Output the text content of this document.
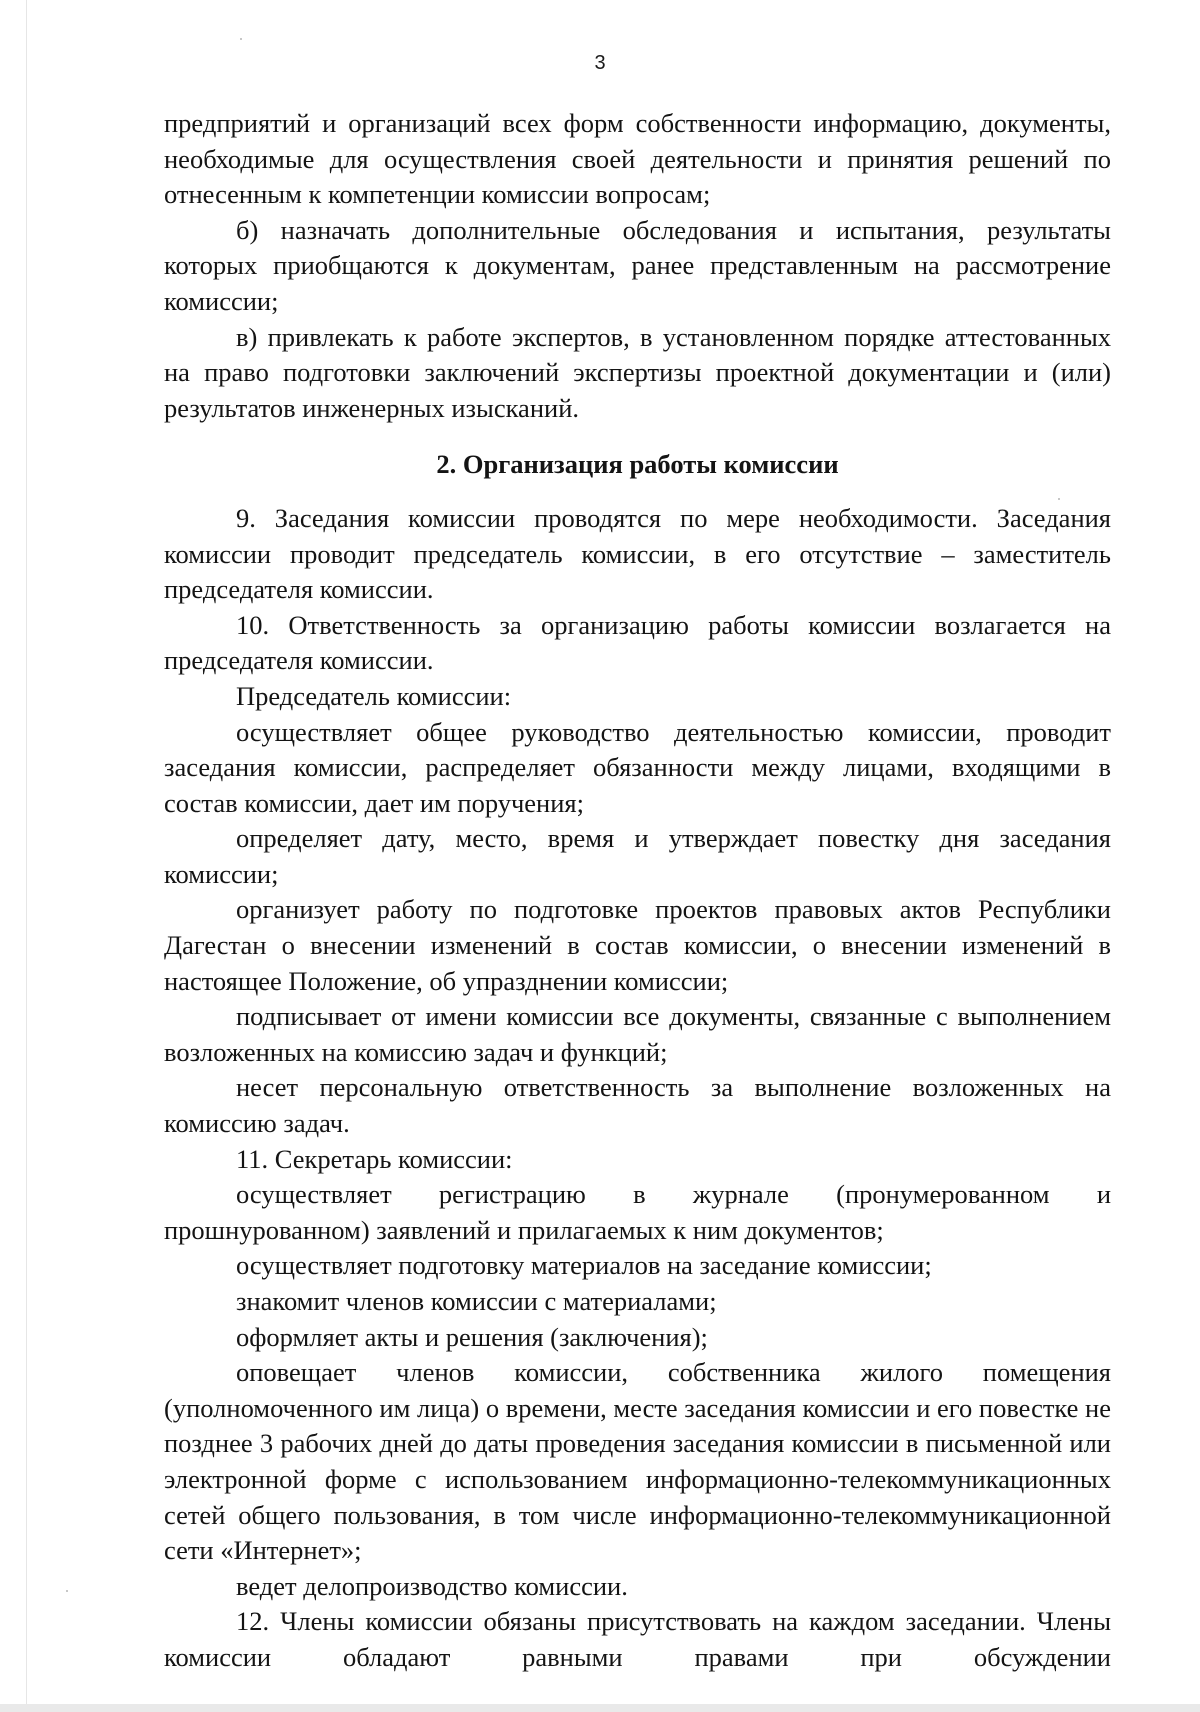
3

предприятий и организаций всех форм собственности информацию, документы, необходимые для осуществления своей деятельности и принятия решений по отнесенным к компетенции комиссии вопросам;

б) назначать дополнительные обследования и испытания, результаты которых приобщаются к документам, ранее представленным на рассмотрение комиссии;

в) привлекать к работе экспертов, в установленном порядке аттестованных на право подготовки заключений экспертизы проектной документации и (или) результатов инженерных изысканий.

2. Организация работы комиссии

9. Заседания комиссии проводятся по мере необходимости. Заседания комиссии проводит председатель комиссии, в его отсутствие – заместитель председателя комиссии.

10. Ответственность за организацию работы комиссии возлагается на председателя комиссии.

Председатель комиссии:

осуществляет общее руководство деятельностью комиссии, проводит заседания комиссии, распределяет обязанности между лицами, входящими в состав комиссии, дает им поручения;

определяет дату, место, время и утверждает повестку дня заседания комиссии;

организует работу по подготовке проектов правовых актов Республики Дагестан о внесении изменений в состав комиссии, о внесении изменений в настоящее Положение, об упразднении комиссии;

подписывает от имени комиссии все документы, связанные с выполнением возложенных на комиссию задач и функций;

несет персональную ответственность за выполнение возложенных на комиссию задач.

11. Секретарь комиссии:

осуществляет регистрацию в журнале (пронумерованном и прошнурованном) заявлений и прилагаемых к ним документов;

осуществляет подготовку материалов на заседание комиссии;

знакомит членов комиссии с материалами;

оформляет акты и решения (заключения);

оповещает членов комиссии, собственника жилого помещения (уполномоченного им лица) о времени, месте заседания комиссии и его повестке не позднее 3 рабочих дней до даты проведения заседания комиссии в письменной или электронной форме с использованием информационно-телекоммуникационных сетей общего пользования, в том числе информационно-телекоммуникационной сети «Интернет»;

ведет делопроизводство комиссии.

12. Члены комиссии обязаны присутствовать на каждом заседании. Члены комиссии обладают равными правами при обсуждении
